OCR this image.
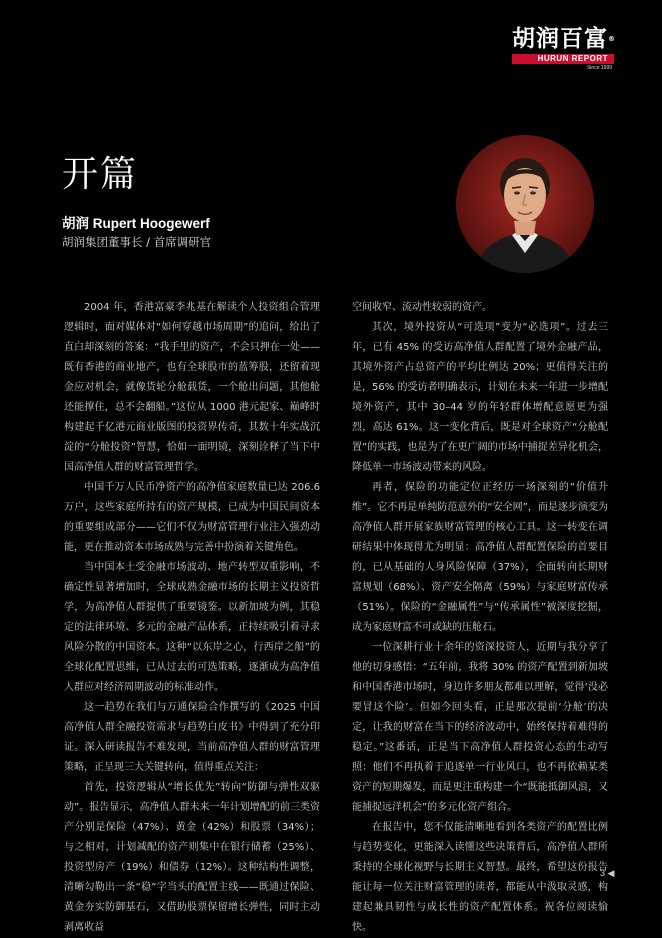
胡润百富®
HURUN REPORT
Since 1999
开篇
胡润 Rupert Hoogewerf
胡润集团董事长 / 首席调研官

2004 年，香港富豪李兆基在解读个人投资组合管理逻辑时，面对媒体对“如何穿越市场周期”的追问，给出了直白却深刻的答案：“我手里的资产，不会只押在一处——既有香港的商业地产，也有全球股市的蓝筹股，还留着现金应对机会，就像货轮分舱载货，一个舱出问题，其他舱还能撑住，总不会翻船。”这位从 1000 港元起家、巅峰时构建起千亿港元商业版图的投资界传奇，其数十年实战沉淀的“分舱投资”智慧，恰如一面明镜，深刻诠释了当下中国高净值人群的财富管理哲学。

中国千万人民币净资产的高净值家庭数量已达 206.6 万户，这些家庭所持有的资产规模，已成为中国民间资本的重要组成部分——它们不仅为财富管理行业注入强劲动能，更在推动资本市场成熟与完善中扮演着关键角色。

当中国本土受金融市场波动、地产转型双重影响，不确定性显著增加时，全球成熟金融市场的长期主义投资哲学，为高净值人群提供了重要镜鉴。以新加坡为例，其稳定的法律环境、多元的金融产品体系，正持续吸引着寻求风险分散的中国资本。这种“以东岸之心，行西岸之船”的全球化配置思维，已从过去的可选策略，逐渐成为高净值人群应对经济周期波动的标准动作。

这一趋势在我们与万通保险合作撰写的《2025 中国高净值人群全融投资需求与趋势白皮书》中得到了充分印证。深入研读报告不难发现，当前高净值人群的财富管理策略，正呈现三大关键转向，值得重点关注：

首先，投资逻辑从“增长优先”转向“防御与弹性双驱动”。报告显示，高净值人群未来一年计划增配的前三类资产分别是保险（47%）、黄金（42%）和股票（34%）；与之相对，计划减配的资产则集中在银行储蓄（25%）、投资型房产（19%）和债券（12%）。这种结构性调整，清晰勾勒出一条“稳”字当头的配置主线——既通过保险、黄金夯实防御基石，又借助股票保留增长弹性，同时主动剥离收益

空间收窄、流动性较弱的资产。

其次，境外投资从“可选项”变为“必选项”。过去三年，已有 45% 的受访高净值人群配置了境外金融产品，其境外资产占总资产的平均比例达 20%；更值得关注的是，56% 的受访者明确表示，计划在未来一年进一步增配境外资产，其中 30–44 岁的年轻群体增配意愿更为强烈，高达 61%。这一变化背后，既是对全球资产“分舱配置”的实践，也是为了在更广阔的市场中捕捉差异化机会，降低单一市场波动带来的风险。

再者，保险的功能定位正经历一场深刻的“价值升维”。它不再是单纯防范意外的“安全网”，而是逐步演变为高净值人群开展家族财富管理的核心工具。这一转变在调研结果中体现得尤为明显：高净值人群配置保险的首要目的，已从基础的人身风险保障（37%），全面转向长期财富规划（68%）、资产安全隔离（59%）与家庭财富传承（51%）。保险的“金融属性”与“传承属性”被深度挖掘，成为家庭财富不可或缺的压舱石。

一位深耕行业十余年的资深投资人，近期与我分享了他的切身感悟：“五年前，我将 30% 的资产配置到新加坡和中国香港市场时，身边许多朋友都难以理解，觉得‘没必要冒这个险’。但如今回头看，正是那次提前‘分舱’的决定，让我的财富在当下的经济波动中，始终保持着难得的稳定。”这番话，正是当下高净值人群投资心态的生动写照：他们不再执着于追逐单一行业风口，也不再依赖某类资产的短期爆发，而是更注重构建一个“既能抵御风浪，又能捕捉远洋机会”的多元化资产组合。

在报告中，您不仅能清晰地看到各类资产的配置比例与趋势变化，更能深入读懂这些决策背后，高净值人群所秉持的全球化视野与长期主义智慧。最终，希望这份报告能让每一位关注财富管理的读者，都能从中汲取灵感，构建起兼具韧性与成长性的资产配置体系。祝各位阅读愉快。

3 ◀
